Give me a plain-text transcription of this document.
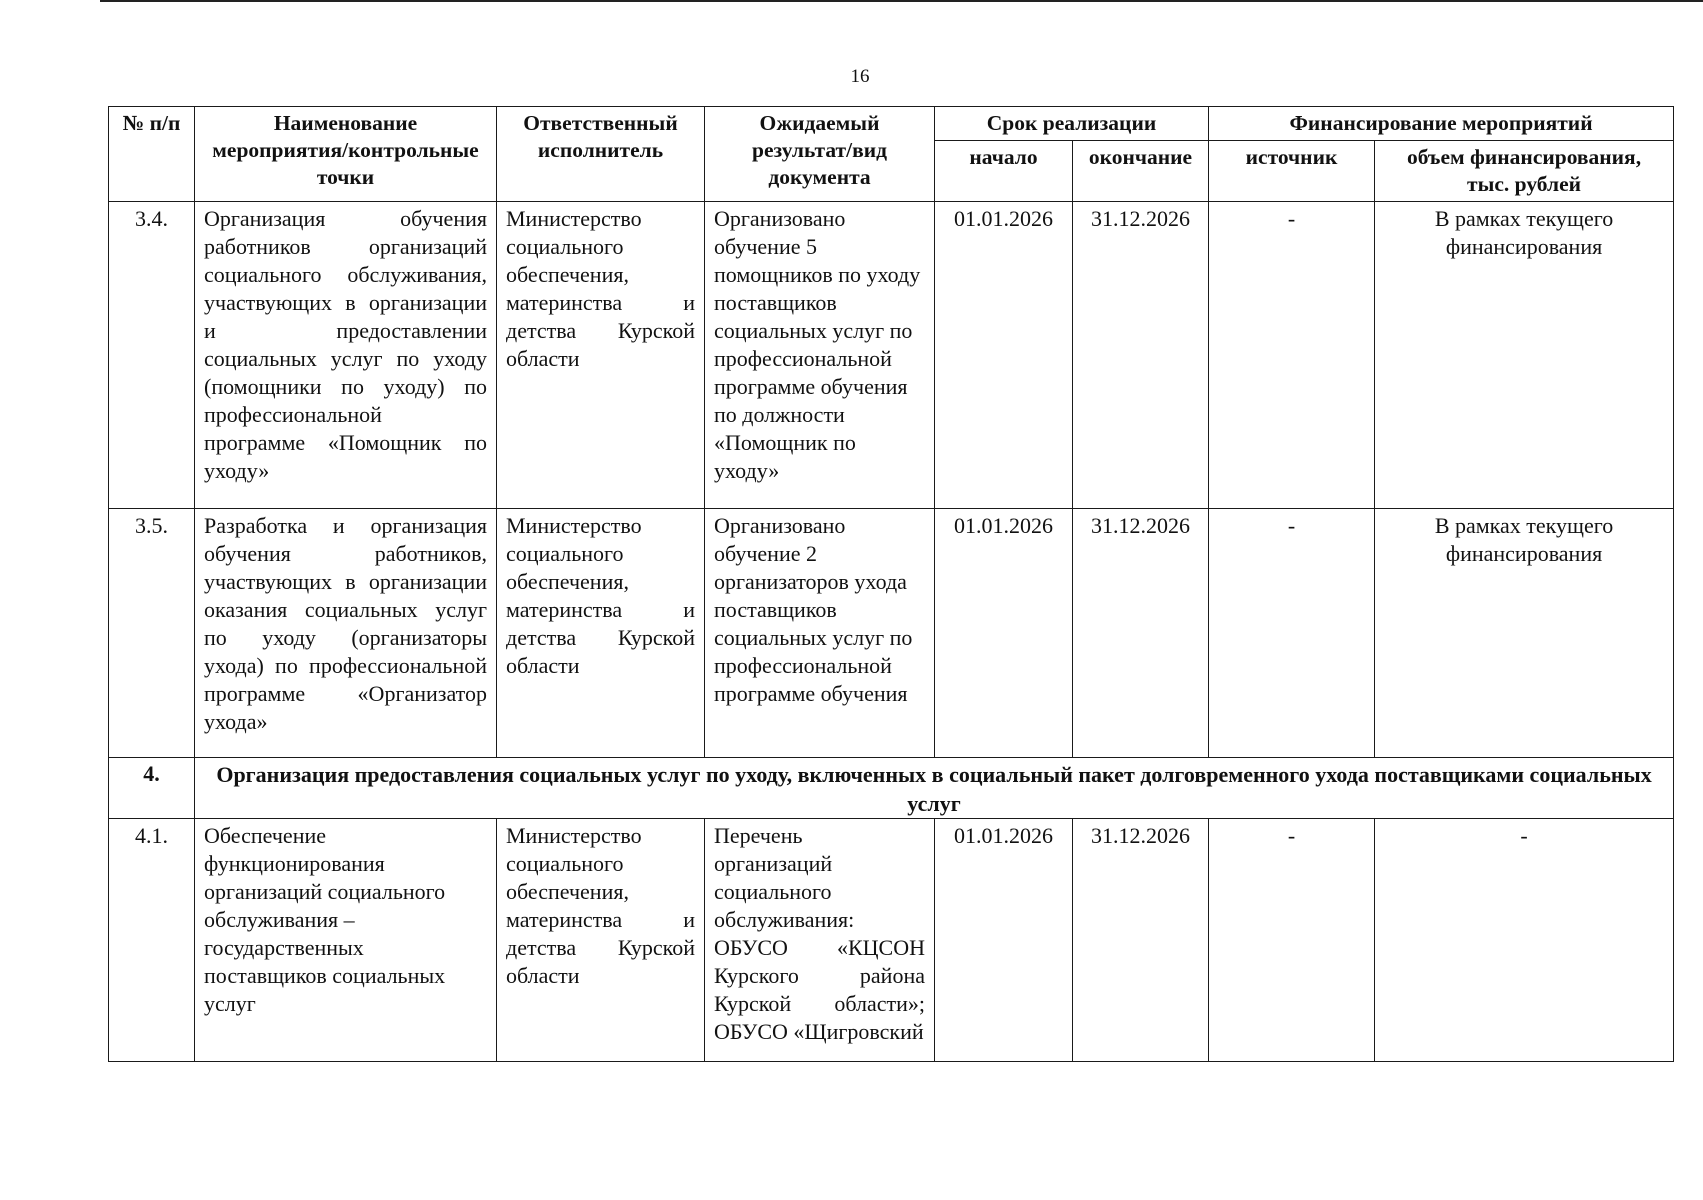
16
№ п/п	Наименование мероприятия/контрольные точки	Ответственный исполнитель	Ожидаемый результат/вид документа	Срок реализации		Финансирование мероприятий	
				начало	окончание	источник	объем финансирования, тыс. рублей
3.4.	Организация обучения работников организаций социального обслуживания, участвующих в организации и предоставлении социальных услуг по уходу (помощники по уходу) по профессиональной программе «Помощник по уходу»	Министерство социального обеспечения, материнства и детства Курской области	Организовано обучение 5 помощников по уходу поставщиков социальных услуг по профессиональной программе обучения по должности «Помощник по уходу»	01.01.2026	31.12.2026	-	В рамках текущего финансирования
3.5.	Разработка и организация обучения работников, участвующих в организации оказания социальных услуг по уходу (организаторы ухода) по профессиональной программе «Организатор ухода»	Министерство социального обеспечения, материнства и детства Курской области	Организовано обучение 2 организаторов ухода поставщиков социальных услуг по профессиональной программе обучения	01.01.2026	31.12.2026	-	В рамках текущего финансирования
4.	Организация предоставления социальных услуг по уходу, включенных в социальный пакет долговременного ухода поставщиками социальных услуг						
4.1.	Обеспечение функционирования организаций социального обслуживания – государственных поставщиков социальных услуг	Министерство социального обеспечения, материнства и детства Курской области	Перечень организаций социального обслуживания: ОБУСО «КЦСОН Курского района Курской области»; ОБУСО «Щигровский	01.01.2026	31.12.2026	-	-
